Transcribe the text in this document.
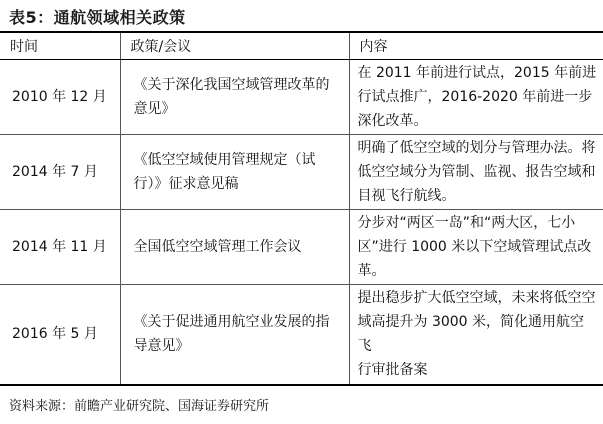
表5：通航领域相关政策
时间	政策/会议	内容
2010 年 12 月	《关于深化我国空域管理改革的意见》	在 2011 年前进行试点，2015 年前进行试点推广，2016-2020 年前进一步深化改革。
2014 年 7 月	《低空空域使用管理规定（试行）》征求意见稿	明确了低空空域的划分与管理办法。将低空空域分为管制、监视、报告空域和目视飞行航线。
2014 年 11 月	全国低空空域管理工作会议	分步对“两区一岛”和“两大区，七小区”进行 1000 米以下空域管理试点改革。
2016 年 5 月	《关于促进通用航空业发展的指导意见》	提出稳步扩大低空空域，未来将低空空域高提升为 3000 米，简化通用航空飞
行审批备案
资料来源：前瞻产业研究院、国海证券研究所
